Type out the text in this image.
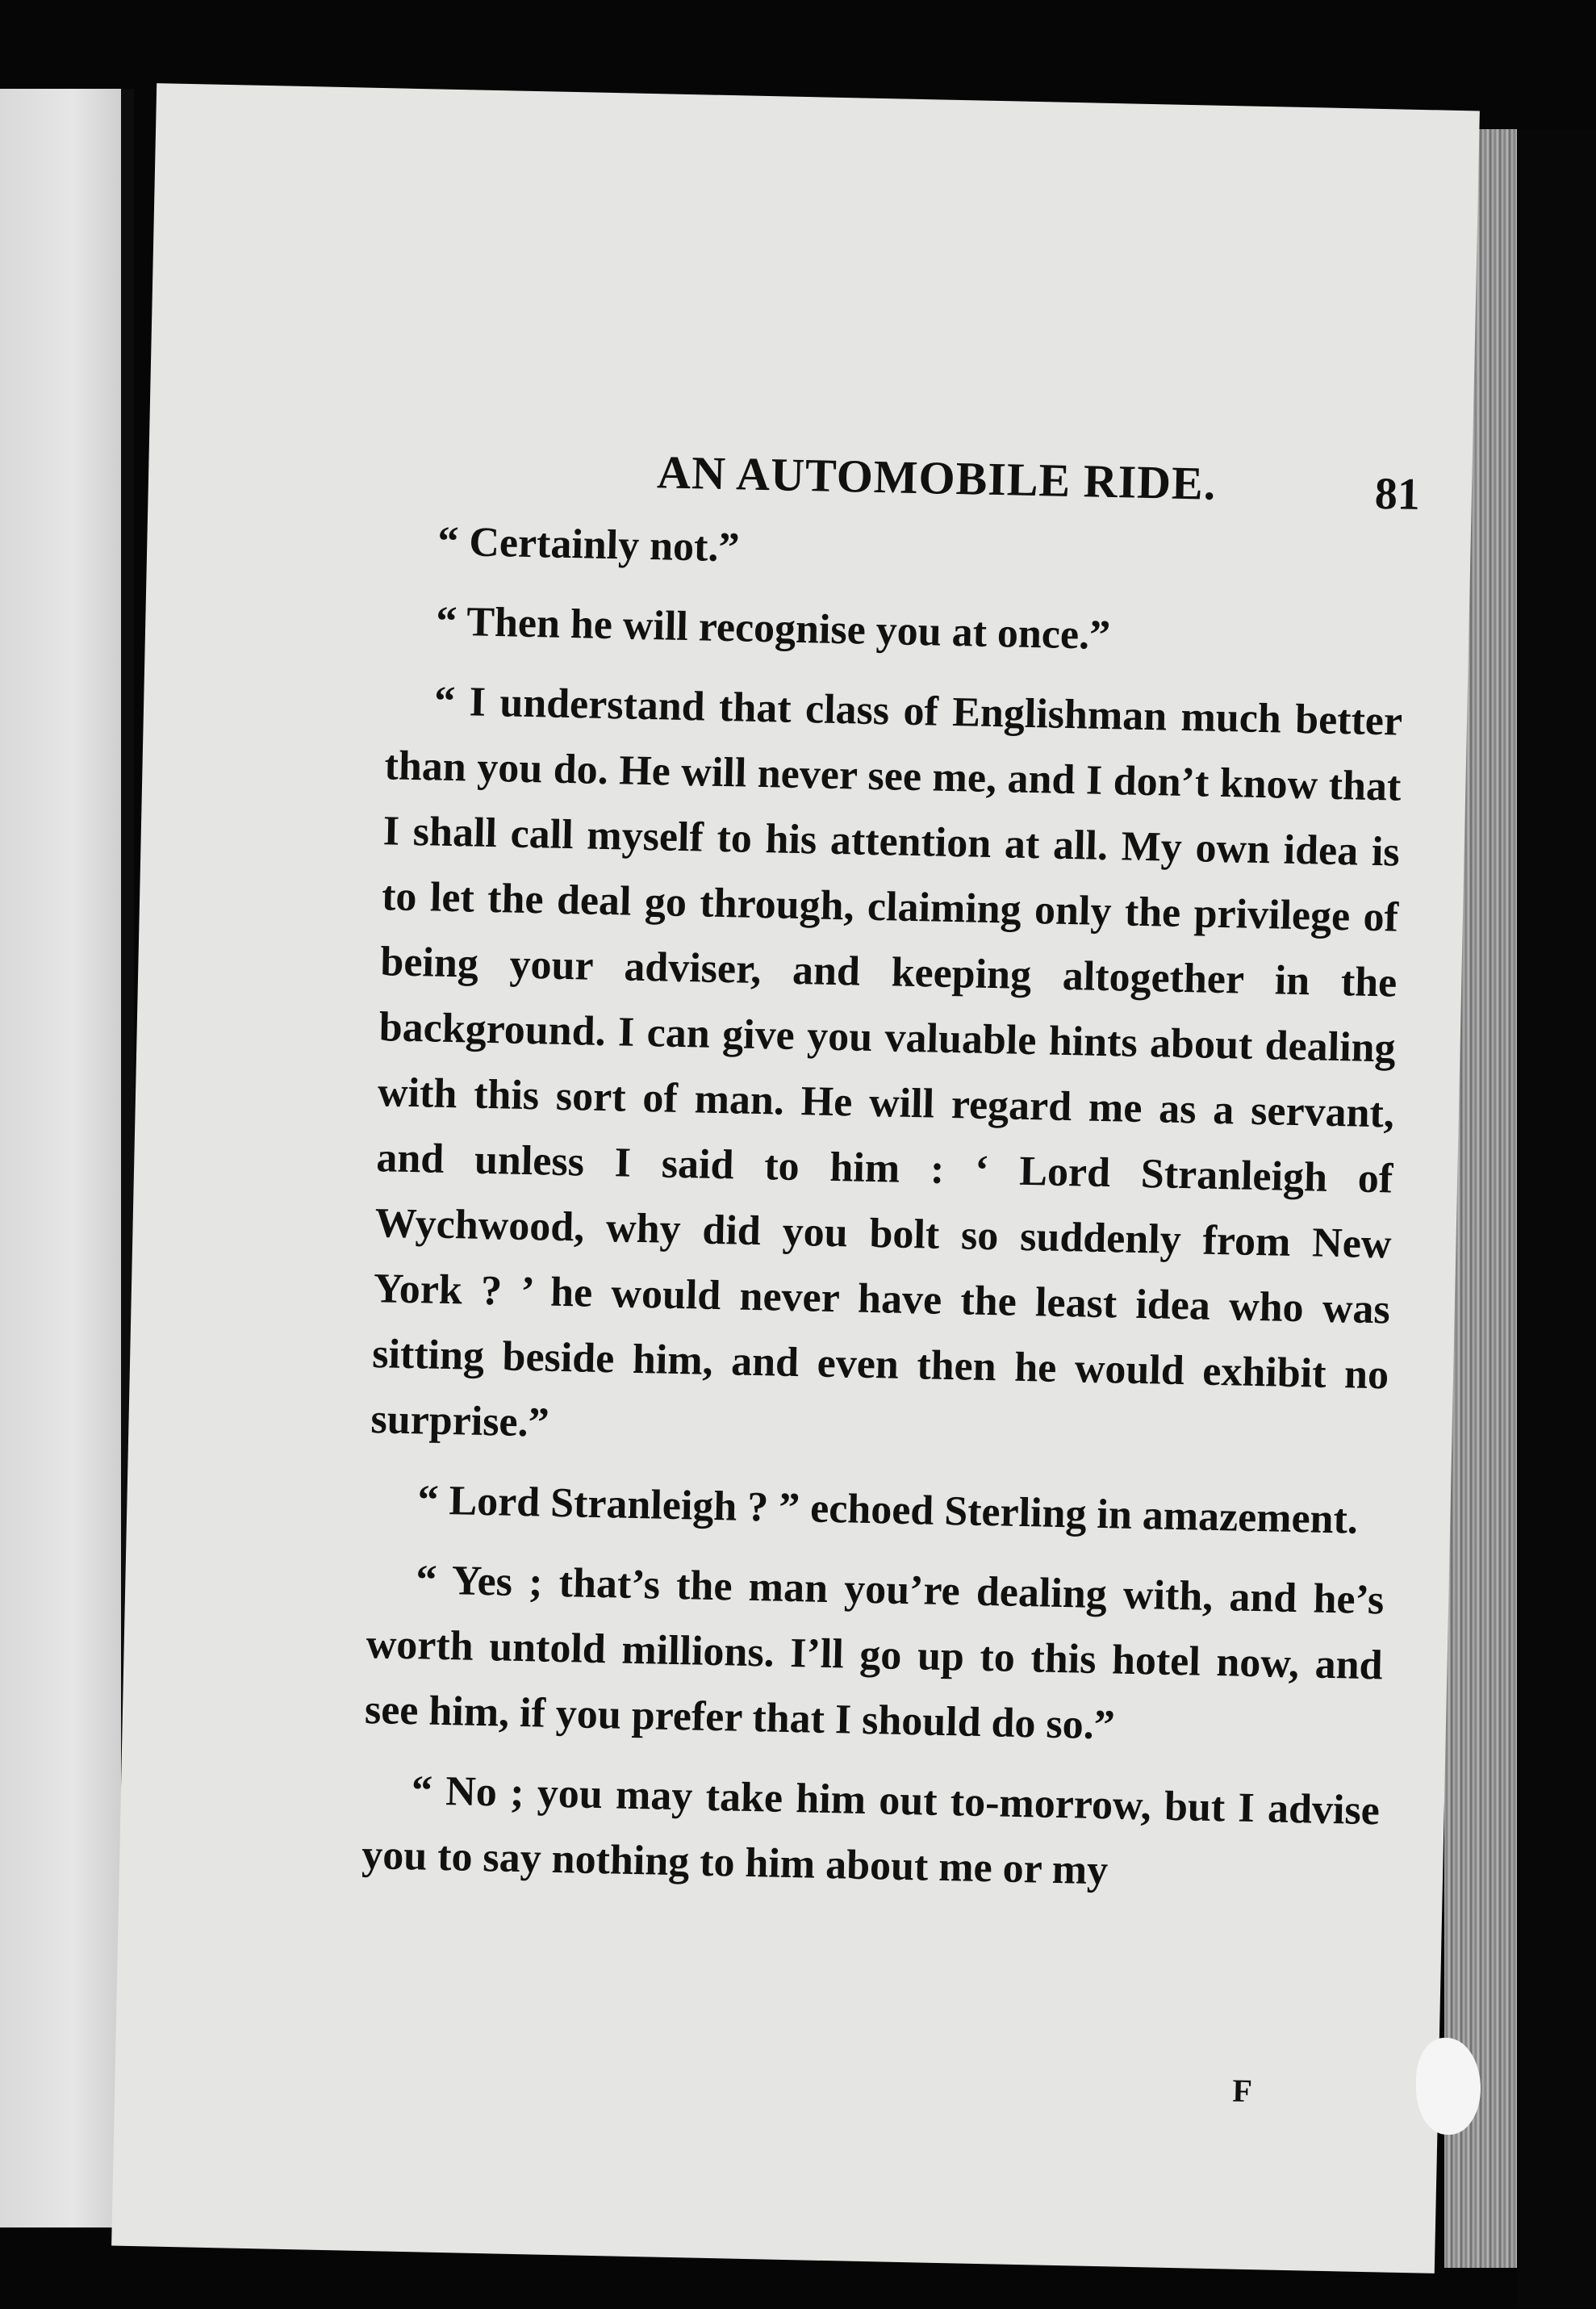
AN AUTOMOBILE RIDE.	81

“ Certainly not.”

“ Then he will recognise you at once.”

“ I understand that class of Englishman much better than you do. He will never see me, and I don’t know that I shall call myself to his attention at all. My own idea is to let the deal go through, claiming only the privilege of being your adviser, and keeping altogether in the background. I can give you valuable hints about dealing with this sort of man. He will regard me as a servant, and unless I said to him : ‘ Lord Stranleigh of Wychwood, why did you bolt so suddenly from New York ? ’ he would never have the least idea who was sitting beside him, and even then he would exhibit no surprise.”

“ Lord Stranleigh ? ” echoed Sterling in amazement.

“ Yes ; that’s the man you’re dealing with, and he’s worth untold millions. I’ll go up to this hotel now, and see him, if you prefer that I should do so.”

“ No ; you may take him out to-morrow, but I advise you to say nothing to him about me or my

F
